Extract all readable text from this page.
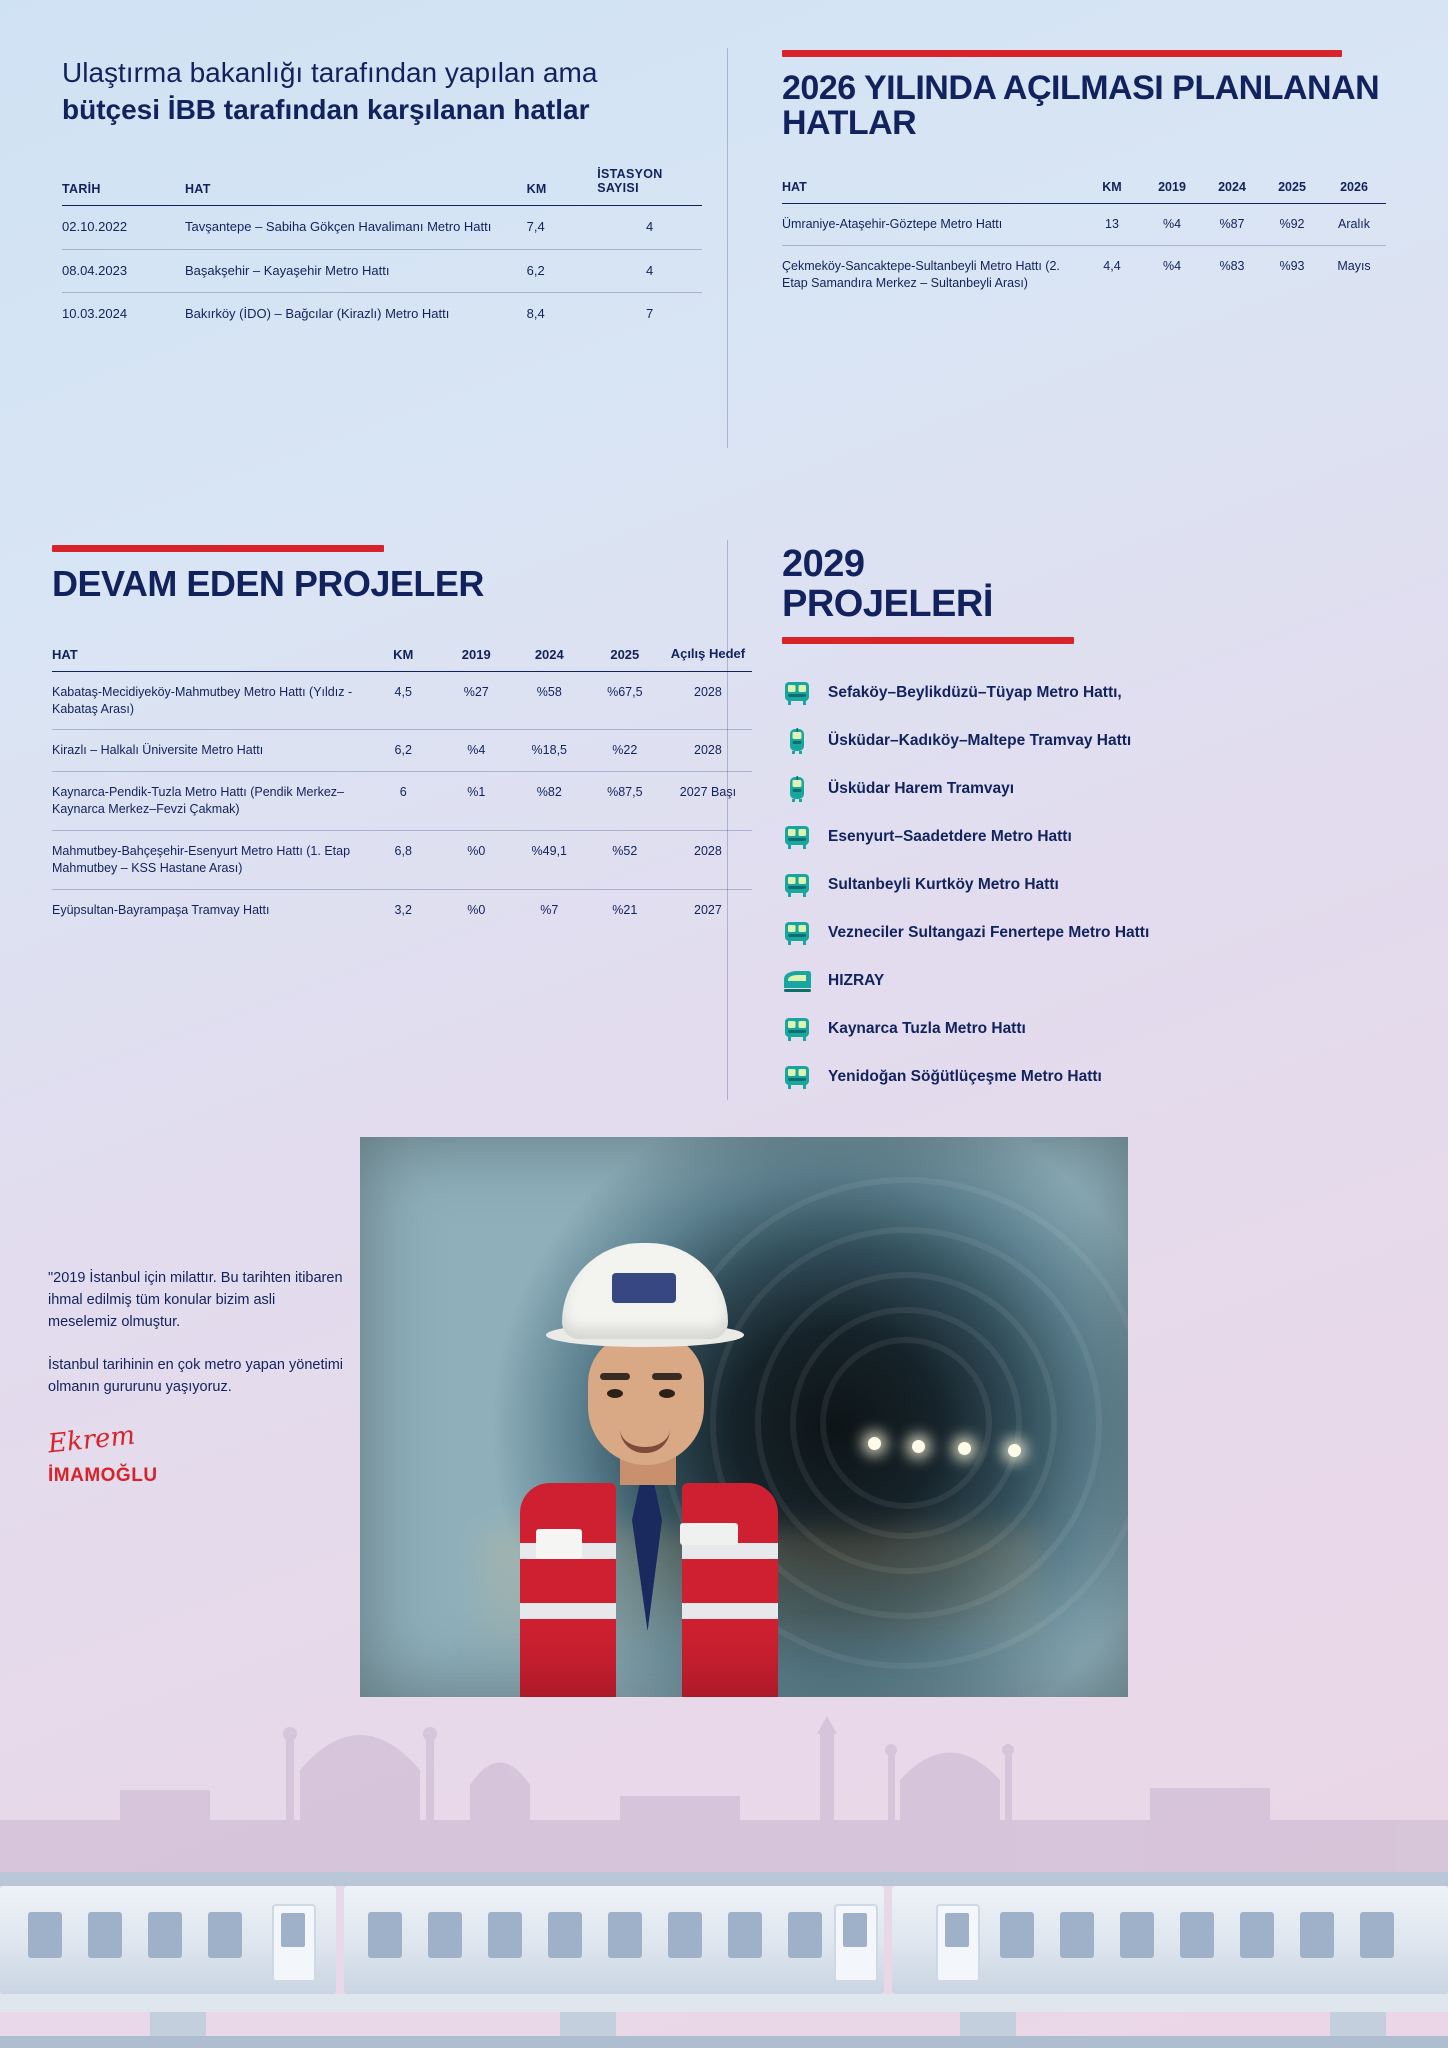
Ulaştırma bakanlığı tarafından yapılan ama bütçesi İBB tarafından karşılanan hatlar
TARİH	HAT	KM	İSTASYON SAYISI
02.10.2022	Tavşantepe – Sabiha Gökçen Havalimanı Metro Hattı	7,4	4
08.04.2023	Başakşehir – Kayaşehir Metro Hattı	6,2	4
10.03.2024	Bakırköy (İDO) – Bağcılar (Kirazlı) Metro Hattı	8,4	7
2026 YILINDA AÇILMASI PLANLANAN HATLAR
HAT	KM	2019	2024	2025	2026
Ümraniye-Ataşehir-Göztepe Metro Hattı	13	%4	%87	%92	Aralık
Çekmeköy-Sancaktepe-Sultanbeyli Metro Hattı (2. Etap Samandıra Merkez – Sultanbeyli Arası)	4,4	%4	%83	%93	Mayıs
DEVAM EDEN PROJELER
HAT	KM	2019	2024	2025	Açılış Hedef
Kabataş-Mecidiyeköy-Mahmutbey Metro Hattı (Yıldız -Kabataş Arası)	4,5	%27	%58	%67,5	2028
Kirazlı – Halkalı Üniversite Metro Hattı	6,2	%4	%18,5	%22	2028
Kaynarca-Pendik-Tuzla Metro Hattı (Pendik Merkez–Kaynarca Merkez–Fevzi Çakmak)	6	%1	%82	%87,5	2027 Başı
Mahmutbey-Bahçeşehir-Esenyurt Metro Hattı (1. Etap Mahmutbey – KSS Hastane Arası)	6,8	%0	%49,1	%52	2028
Eyüpsultan-Bayrampaşa Tramvay Hattı	3,2	%0	%7	%21	2027
2029
PROJELERİ
Sefaköy–Beylikdüzü–Tüyap Metro Hattı,
Üsküdar–Kadıköy–Maltepe Tramvay Hattı
Üsküdar Harem Tramvayı
Esenyurt–Saadetdere Metro Hattı
Sultanbeyli Kurtköy Metro Hattı
Vezneciler Sultangazi Fenertepe Metro Hattı
HIZRAY
Kaynarca Tuzla Metro Hattı
Yenidoğan Söğütlüçeşme Metro Hattı

"2019 İstanbul için milattır. Bu tarihten itibaren ihmal edilmiş tüm konular bizim asli meselemiz olmuştur.

İstanbul tarihinin en çok metro yapan yönetimi olmanın gururunu yaşıyoruz.

Ekrem
İMAMOĞLU
